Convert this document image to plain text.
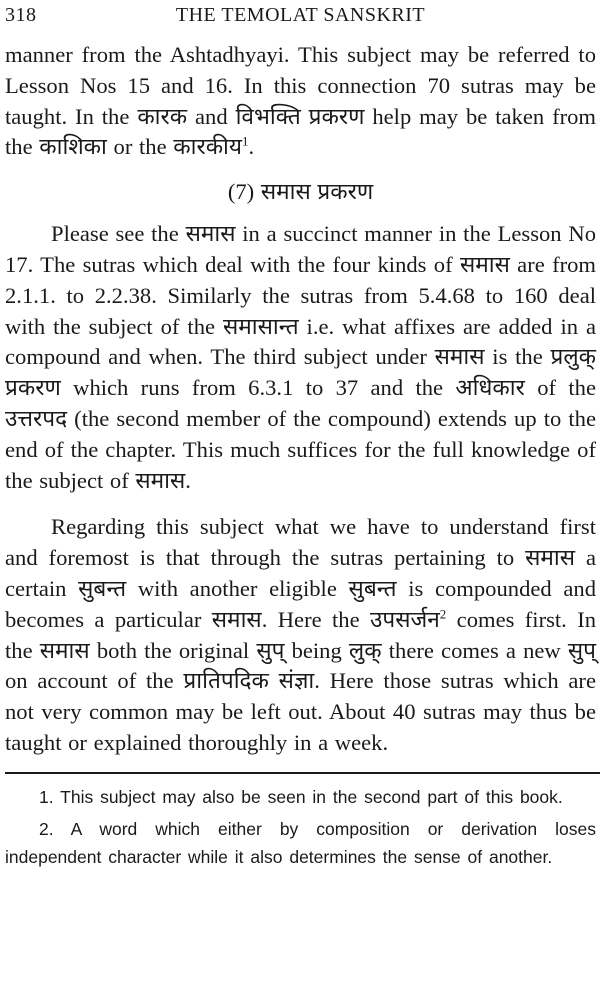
318	THE TEMOLAT SANSKRIT

manner from the Ashtadhyayi. This subject may be referred to Lesson Nos 15 and 16. In this connection 70 sutras may be taught. In the कारक and विभक्ति प्रकरण help may be taken from the काशिका or the कारकीय$^1$.

(7) समास प्रकरण

Please see the समास in a succinct manner in the Lesson No 17. The sutras which deal with the four kinds of समास are from 2.1.1. to 2.2.38. Similarly the sutras from 5.4.68 to 160 deal with the subject of the समासान्त i.e. what affixes are added in a compound and when. The third subject under समास is the प्रलुक् प्रकरण which runs from 6.3.1 to 37 and the अधिकार of the उत्तरपद (the second member of the compound) extends up to the end of the chapter. This much suffices for the full knowledge of the subject of समास.

Regarding this subject what we have to understand first and foremost is that through the sutras pertaining to समास a certain सुबन्त with another eligible सुबन्त is compounded and becomes a particular समास. Here the उपसर्जन$^2$ comes first. In the समास both the original सुप् being लुक् there comes a new सुप् on account of the प्रातिपदिक संज्ञा. Here those sutras which are not very common may be left out. About 40 sutras may thus be taught or explained thoroughly in a week.

1. This subject may also be seen in the second part of this book.

2. A word which either by composition or derivation loses independent character while it also determines the sense of another.
